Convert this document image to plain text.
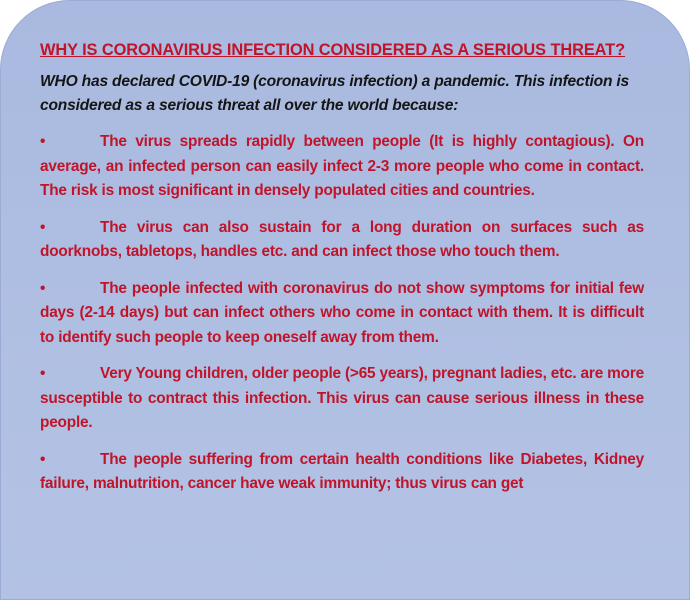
WHY IS CORONAVIRUS INFECTION CONSIDERED AS A SERIOUS THREAT?
WHO has declared COVID-19 (coronavirus infection) a pandemic. This infection is considered as a serious threat all over the world because:
•	The virus spreads rapidly between people (It is highly contagious). On average, an infected person can easily infect 2-3 more people who come in contact. The risk is most significant in densely populated cities and countries.
•	The virus can also sustain for a long duration on surfaces such as doorknobs, tabletops, handles etc. and can infect those who touch them.
•	The people infected with coronavirus do not show symptoms for initial few days (2-14 days) but can infect others who come in contact with them. It is difficult to identify such people to keep oneself away from them.
•	Very Young children, older people (>65 years), pregnant ladies, etc. are more susceptible to contract this infection. This virus can cause serious illness in these people.
•	The people suffering from certain health conditions like Diabetes, Kidney failure, malnutrition, cancer have weak immunity; thus virus can get
